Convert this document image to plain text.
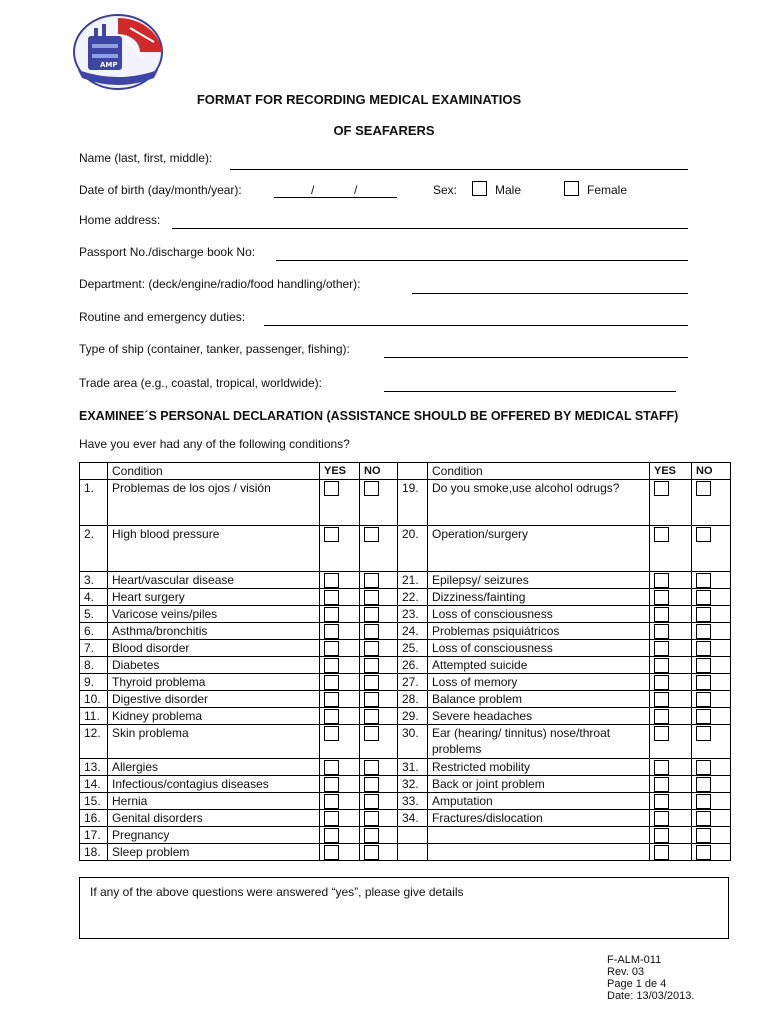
AMP
FORMAT FOR RECORDING MEDICAL EXAMINATIOS
OF SEAFARERS
Name (last, first, middle):
Date of birth (day/month/year):	/	/	Sex:	Male	Female
Home address:
Passport No./discharge book No:
Department: (deck/engine/radio/food handling/other):
Routine and emergency duties:
Type of ship (container, tanker, passenger, fishing):
Trade area (e.g., coastal, tropical, worldwide):
EXAMINEE´S PERSONAL DECLARATION (ASSISTANCE SHOULD BE OFFERED BY MEDICAL STAFF)
Have you ever had any of the following conditions?
	Condition	YES	NO		Condition	YES	NO
1.	Problemas de los ojos / visión			19.	Do you smoke,use alcohol odrugs?		
2.	High blood pressure			20.	Operation/surgery		
3.	Heart/vascular disease			21.	Epilepsy/ seizures		
4.	Heart surgery			22.	Dizziness/fainting		
5.	Varicose veins/piles			23.	Loss of consciousness		
6.	Asthma/bronchitis			24.	Problemas psiquiátricos		
7.	Blood disorder			25.	Loss of consciousness		
8.	Diabetes			26.	Attempted suicide		
9.	Thyroid problema			27.	Loss of memory		
10.	Digestive disorder			28.	Balance problem		
11.	Kidney problema			29.	Severe headaches		
12.	Skin problema			30.	Ear (hearing/ tinnitus) nose/throat problems		
13.	Allergies			31.	Restricted mobility		
14.	Infectious/contagius diseases			32.	Back or joint problem		
15.	Hernia			33.	Amputation		
16.	Genital disorders			34.	Fractures/dislocation		
17.	Pregnancy						
18.	Sleep problem						
If any of the above questions were answered “yes”, please give details
F-ALM-011
Rev. 03
Page 1 de 4
Date: 13/03/2013.
